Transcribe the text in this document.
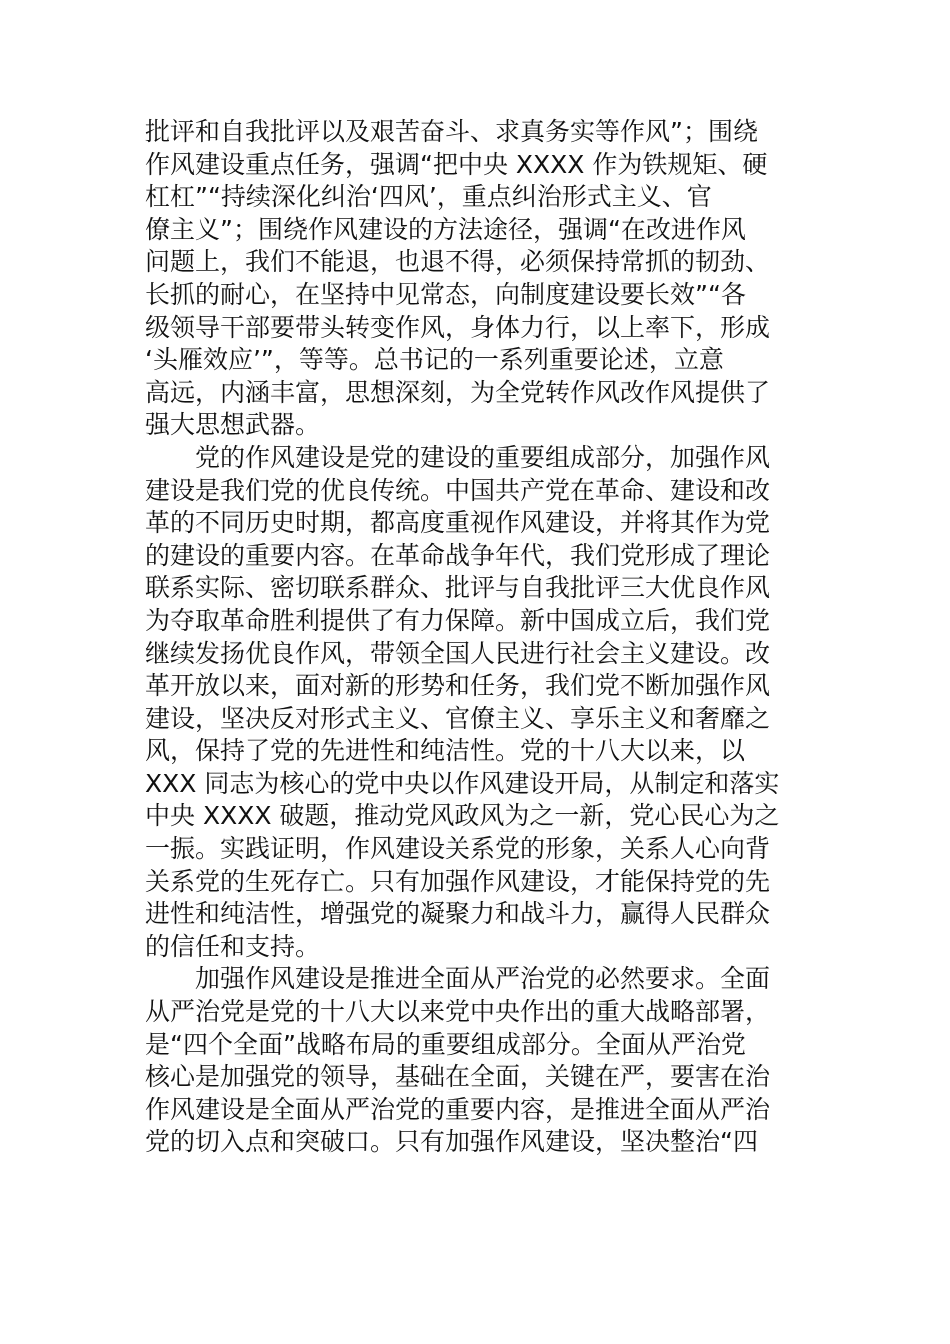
批评和自我批评以及艰苦奋斗、求真务实等作风”；围绕
作风建设重点任务，强调“把中央 XXXX 作为铁规矩、硬
杠杠”“持续深化纠治‘四风’，重点纠治形式主义、官
僚主义”；围绕作风建设的方法途径，强调“在改进作风
问题上，我们不能退，也退不得，必须保持常抓的韧劲、
长抓的耐心，在坚持中见常态，向制度建设要长效”“各
级领导干部要带头转变作风，身体力行，以上率下，形成
‘头雁效应’”，等等。总书记的一系列重要论述，立意
高远，内涵丰富，思想深刻，为全党转作风改作风提供了
强大思想武器。
党的作风建设是党的建设的重要组成部分，加强作风
建设是我们党的优良传统。中国共产党在革命、建设和改
革的不同历史时期，都高度重视作风建设，并将其作为党
的建设的重要内容。在革命战争年代，我们党形成了理论
联系实际、密切联系群众、批评与自我批评三大优良作风
为夺取革命胜利提供了有力保障。新中国成立后，我们党
继续发扬优良作风，带领全国人民进行社会主义建设。改
革开放以来，面对新的形势和任务，我们党不断加强作风
建设，坚决反对形式主义、官僚主义、享乐主义和奢靡之
风，保持了党的先进性和纯洁性。党的十八大以来，以
XXX 同志为核心的党中央以作风建设开局，从制定和落实
中央 XXXX 破题，推动党风政风为之一新，党心民心为之
一振。实践证明，作风建设关系党的形象，关系人心向背
关系党的生死存亡。只有加强作风建设，才能保持党的先
进性和纯洁性，增强党的凝聚力和战斗力，赢得人民群众
的信任和支持。
加强作风建设是推进全面从严治党的必然要求。全面
从严治党是党的十八大以来党中央作出的重大战略部署，
是“四个全面”战略布局的重要组成部分。全面从严治党
核心是加强党的领导，基础在全面，关键在严，要害在治
作风建设是全面从严治党的重要内容，是推进全面从严治
党的切入点和突破口。只有加强作风建设，坚决整治“四
